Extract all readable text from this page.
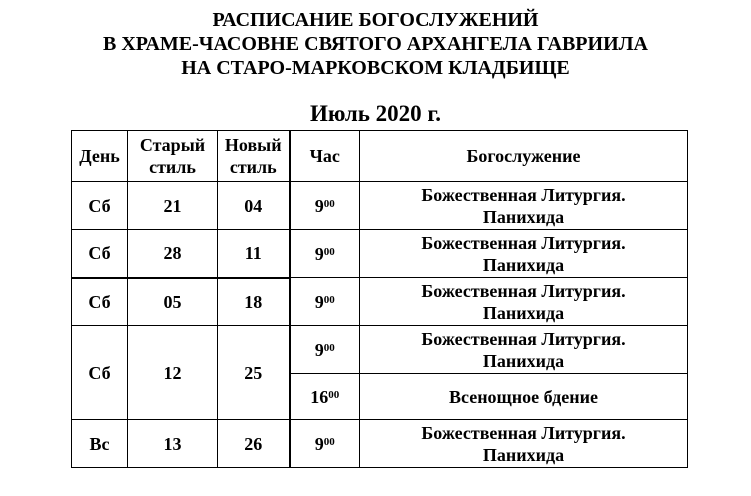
РАСПИСАНИЕ БОГОСЛУЖЕНИЙ
В ХРАМЕ-ЧАСОВНЕ СВЯТОГО АРХАНГЕЛА ГАВРИИЛА
НА СТАРО-МАРКОВСКОМ КЛАДБИЩЕ
Июль 2020 г.
День	Старый стиль	Новый стиль	Час	Богослужение
Сб	21	04	$9^{00}$	Божественная Литургия.
Панихида
Сб	28	11	$9^{00}$	Божественная Литургия.
Панихида
Сб	05	18	$9^{00}$	Божественная Литургия.
Панихида
Сб	12	25	$9^{00}$	Божественная Литургия.
Панихида
			$16^{00}$	Всенощное бдение
Вс	13	26	$9^{00}$	Божественная Литургия.
Панихида
